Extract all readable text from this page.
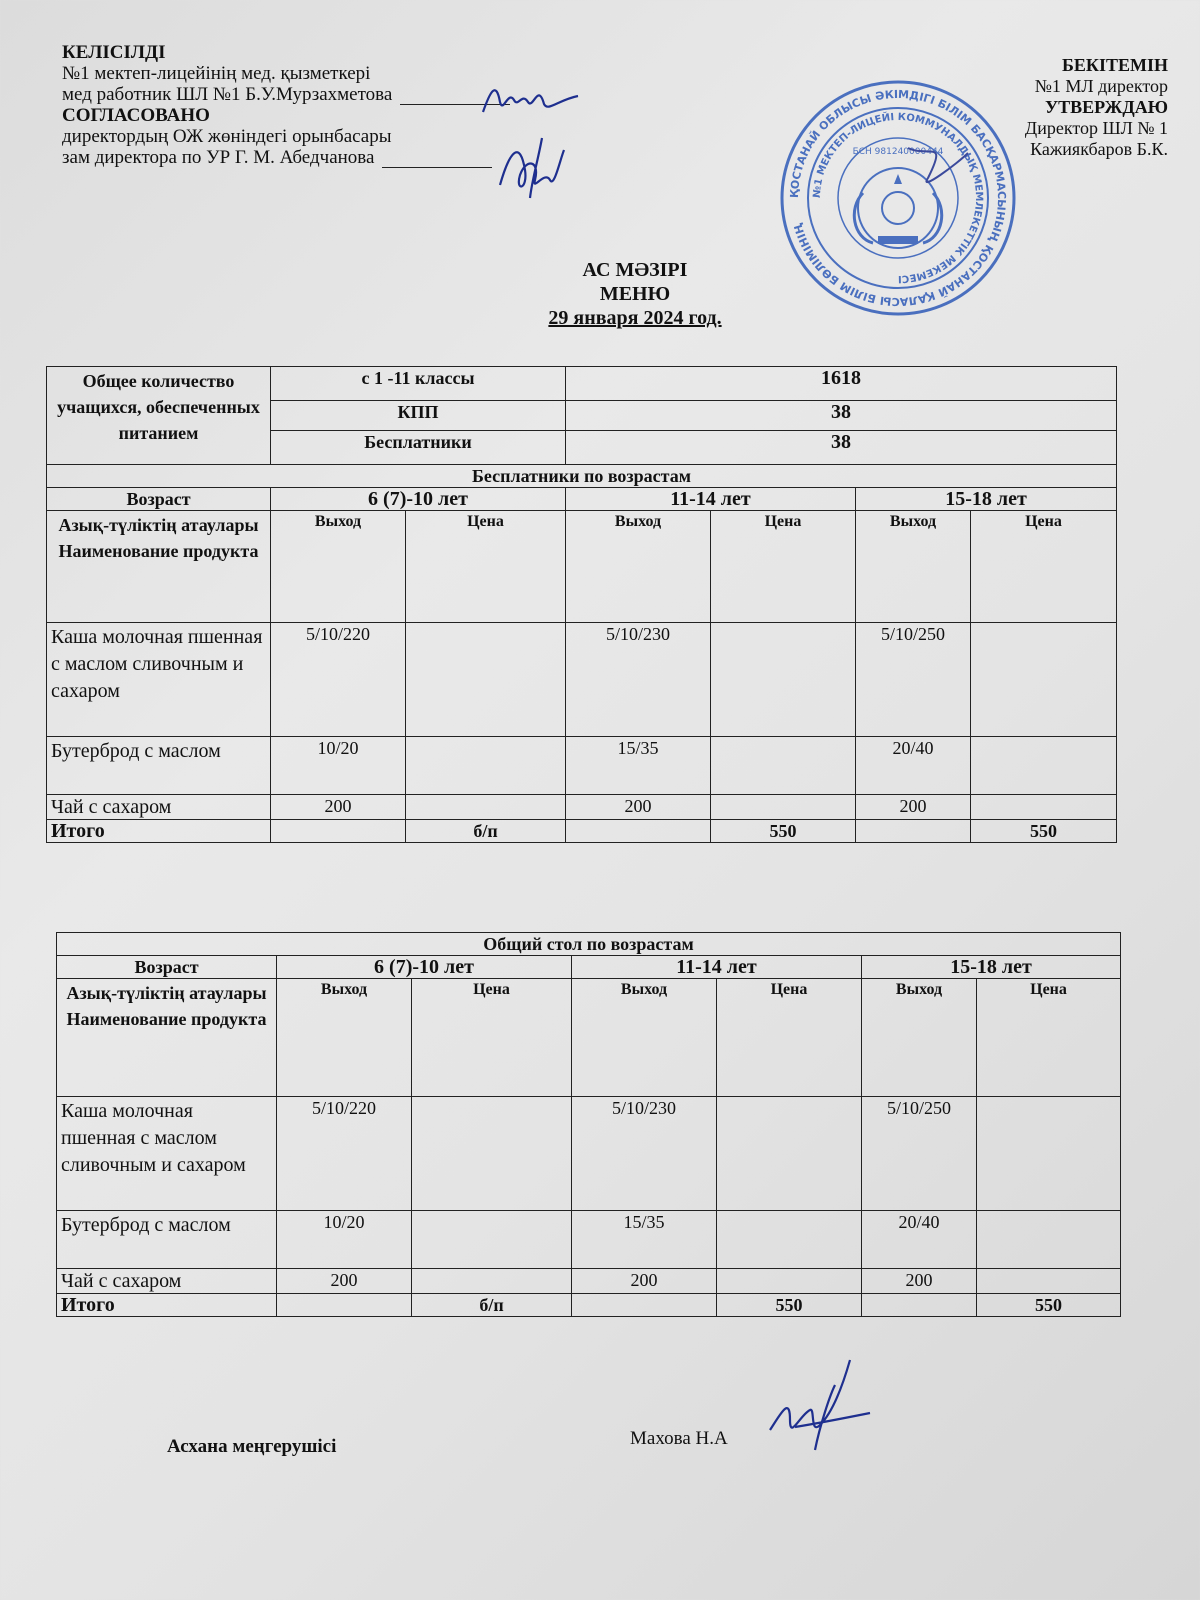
КЕЛІСІЛДІ
№1 мектеп-лицейінің мед. қызметкері
мед работник ШЛ №1 Б.У.Мурзахметова
СОГЛАСОВАНО
директордың ОЖ жөніндегі орынбасары
зам директора по УР Г. М. Абедчанова
БЕКІТЕМІН
№1 МЛ директор
УТВЕРЖДАЮ
Директор ШЛ № 1
Кажиякбаров Б.К.
ҚОСТАНАЙ ОБЛЫСЫ ӘКІМДІГІ БІЛІМ БАСҚАРМАСЫНЫҢ ҚОСТАНАЙ ҚАЛАСЫ БІЛІМ БӨЛІМІНІҢ
№1 МЕКТЕП-ЛИЦЕЙІ КОММУНАЛДЫҚ МЕМЛЕКЕТТІК МЕКЕМЕСІ
БСН 981240000444
АС МӘЗІРІ
МЕНЮ
29 января 2024 год.
Общее количество учащихся, обеспеченных питанием	с 1 -11 классы		1618			
	КПП		38			
	Бесплатники		38			
Бесплатники по возрастам						
Возраст	6 (7)-10 лет		11-14 лет		15-18 лет	
Азық-түліктің атаулары Наименование продукта	Выход	Цена	Выход	Цена	Выход	Цена
Каша молочная пшенная с маслом сливочным и сахаром	5/10/220		5/10/230		5/10/250	
Бутерброд с маслом	10/20		15/35		20/40	
Чай с сахаром	200		200		200	
Итого		б/п		550		550
Общий стол по возрастам						
Возраст	6 (7)-10 лет		11-14 лет		15-18 лет	
Азық-түліктің атаулары Наименование продукта	Выход	Цена	Выход	Цена	Выход	Цена
Каша молочная пшенная с маслом сливочным и сахаром	5/10/220		5/10/230		5/10/250	
Бутерброд с маслом	10/20		15/35		20/40	
Чай с сахаром	200		200		200	
Итого		б/п		550		550
Асхана меңгерушісі	Махова Н.А
